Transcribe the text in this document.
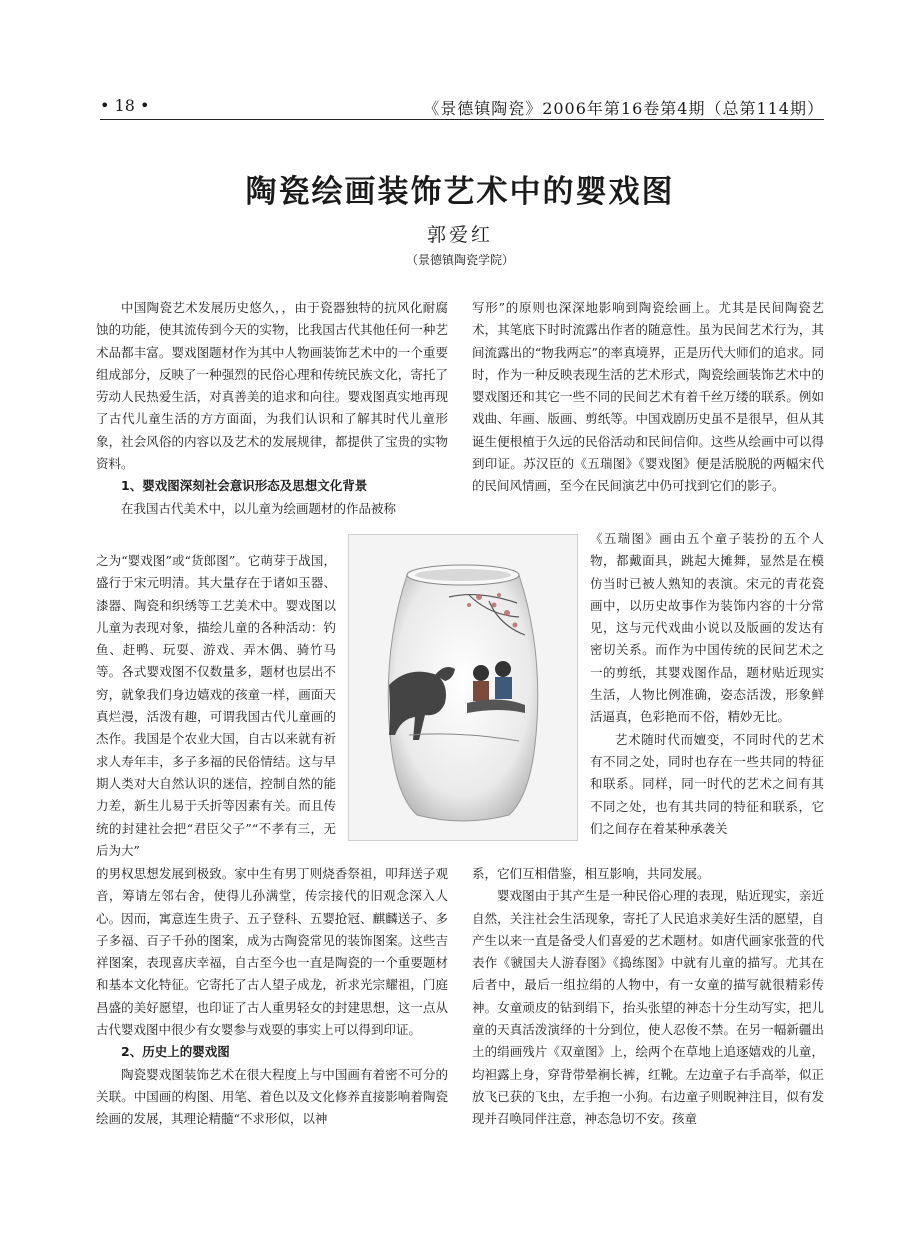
• 18 •	《景德镇陶瓷》2006年第16卷第4期（总第114期）
陶瓷绘画装饰艺术中的婴戏图
郭爱红
（景德镇陶瓷学院）

中国陶瓷艺术发展历史悠久，，由于瓷器独特的抗风化耐腐蚀的功能，使其流传到今天的实物，比我国古代其他任何一种艺术品都丰富。婴戏图题材作为其中人物画装饰艺术中的一个重要组成部分，反映了一种强烈的民俗心理和传统民族文化，寄托了劳动人民热爱生活，对真善美的追求和向往。婴戏图真实地再现了古代儿童生活的方方面面，为我们认识和了解其时代儿童形象，社会风俗的内容以及艺术的发展规律，都提供了宝贵的实物资料。

1、婴戏图深刻社会意识形态及思想文化背景

在我国古代美术中，以儿童为绘画题材的作品被称

之为“婴戏图”或“货郎图”。它萌芽于战国，盛行于宋元明清。其大量存在于诸如玉器、漆器、陶瓷和织绣等工艺美术中。婴戏图以儿童为表现对象，描绘儿童的各种活动：钓鱼、赶鸭、玩耍、游戏、弄木偶、骑竹马等。各式婴戏图不仅数量多，题材也层出不穷，就象我们身边嬉戏的孩童一样，画面天真烂漫，活泼有趣，可谓我国古代儿童画的杰作。我国是个农业大国，自古以来就有祈求人寿年丰，多子多福的民俗情结。这与早期人类对大自然认识的迷信，控制自然的能力差，新生儿易于夭折等因素有关。而且传统的封建社会把“君臣父子”“不孝有三，无后为大”

的男权思想发展到极致。家中生有男丁则烧香祭祖，叩拜送子观音，筹请左邻右舍，使得儿孙满堂，传宗接代的旧观念深入人心。因而，寓意连生贵子、五子登科、五婴抢冠、麒麟送子、多子多福、百子千孙的图案，成为古陶瓷常见的装饰图案。这些吉祥图案，表现喜庆幸福，自古至今也一直是陶瓷的一个重要题材和基本文化特征。它寄托了古人望子成龙，祈求光宗耀祖，门庭昌盛的美好愿望，也印证了古人重男轻女的封建思想，这一点从古代婴戏图中很少有女婴参与戏耍的事实上可以得到印证。

2、历史上的婴戏图

陶瓷婴戏图装饰艺术在很大程度上与中国画有着密不可分的关联。中国画的构图、用笔、着色以及文化修养直接影响着陶瓷绘画的发展，其理论精髓“不求形似，以神

写形”的原则也深深地影响到陶瓷绘画上。尤其是民间陶瓷艺术，其笔底下时时流露出作者的随意性。虽为民间艺术行为，其间流露出的“物我两忘”的率真境界，正是历代大师们的追求。同时，作为一种反映表现生活的艺术形式，陶瓷绘画装饰艺术中的婴戏图还和其它一些不同的民间艺术有着千丝万缕的联系。例如戏曲、年画、版画、剪纸等。中国戏剧历史虽不是很早，但从其诞生便根植于久远的民俗活动和民间信仰。这些从绘画中可以得到印证。苏汉臣的《五瑞图》《婴戏图》便是活脱脱的两幅宋代的民间风情画，至今在民间演艺中仍可找到它们的影子。

《五瑞图》画由五个童子装扮的五个人物，都戴面具，跳起大摊舞，显然是在模仿当时已被人熟知的表演。宋元的青花瓷画中，以历史故事作为装饰内容的十分常见，这与元代戏曲小说以及版画的发达有密切关系。而作为中国传统的民间艺术之一的剪纸，其婴戏图作品，题材贴近现实生活，人物比例准确，姿态活泼，形象鲜活逼真，色彩艳而不俗，精妙无比。

艺术随时代而嬗变，不同时代的艺术有不同之处，同时也存在一些共同的特征和联系。同样，同一时代的艺术之间有其不同之处，也有其共同的特征和联系，它们之间存在着某种承袭关

系，它们互相借鉴，相互影响，共同发展。

婴戏图由于其产生是一种民俗心理的表现，贴近现实，亲近自然，关注社会生活现象，寄托了人民追求美好生活的愿望，自产生以来一直是备受人们喜爱的艺术题材。如唐代画家张萱的代表作《虢国夫人游春图》《捣练图》中就有儿童的描写。尤其在后者中，最后一组拉绢的人物中，有一女童的描写就很精彩传神。女童顽皮的钻到绢下，抬头张望的神态十分生动写实，把儿童的天真活泼演绎的十分到位，使人忍俊不禁。在另一幅新疆出土的绢画残片《双童图》上，绘两个在草地上追逐嬉戏的儿童，均袒露上身，穿背带晕裥长裤，红靴。左边童子右手高举，似正放飞已获的飞虫，左手抱一小狗。右边童子则睨神注目，似有发现并召唤同伴注意，神态急切不安。孩童
